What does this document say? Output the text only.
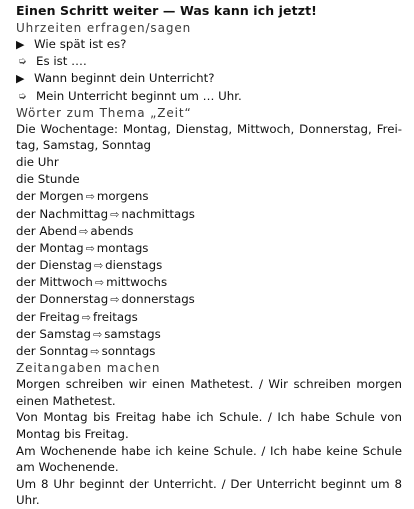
Einen Schritt weiter — Was kann ich jetzt!
Uhrzeiten erfragen/sagen
▶ Wie spät ist es?
➭ Es ist ….
▶ Wann beginnt dein Unterricht?
➭ Mein Unterricht beginnt um … Uhr.
Wörter zum Thema „Zeit“
Die Wochentage: Montag, Dienstag, Mittwoch, Donnerstag, Frei-tag, Samstag, Sonntag
die Uhr
die Stunde
der Morgen ⇨ morgens
der Nachmittag ⇨ nachmittags
der Abend ⇨ abends
der Montag ⇨ montags
der Dienstag ⇨ dienstags
der Mittwoch ⇨ mittwochs
der Donnerstag ⇨ donnerstags
der Freitag ⇨ freitags
der Samstag ⇨ samstags
der Sonntag ⇨ sonntags
Zeitangaben machen
Morgen schreiben wir einen Mathetest. / Wir schreiben morgen einen Mathetest.
Von Montag bis Freitag habe ich Schule. / Ich habe Schule von Montag bis Freitag.
Am Wochenende habe ich keine Schule. / Ich habe keine Schule am Wochenende.
Um 8 Uhr beginnt der Unterricht. / Der Unterricht beginnt um 8 Uhr.
